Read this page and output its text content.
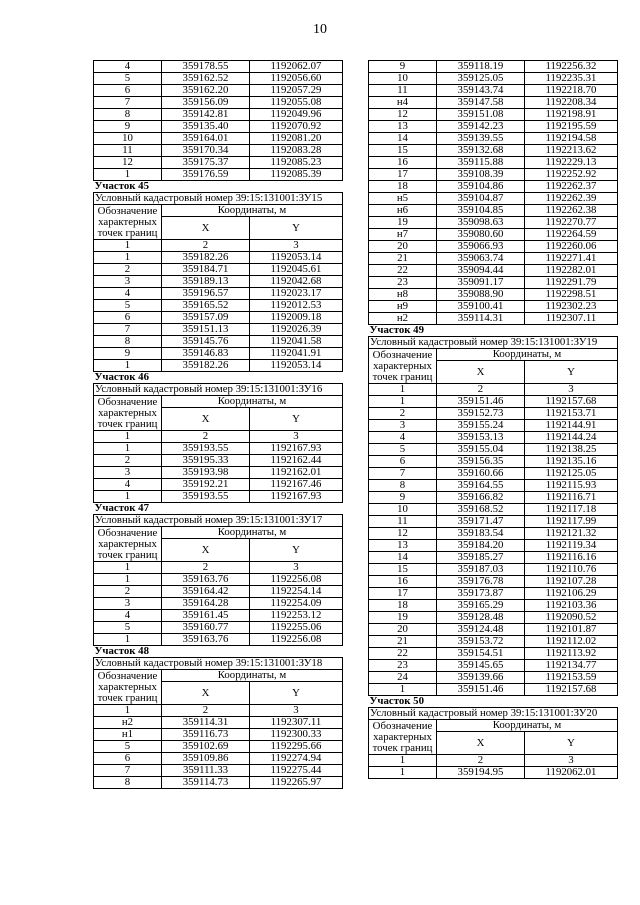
10
4	359178.55	1192062.07
5	359162.52	1192056.60
6	359162.20	1192057.29
7	359156.09	1192055.08
8	359142.81	1192049.96
9	359135.40	1192070.92
10	359164.01	1192081.20
11	359170.34	1192083.28
12	359175.37	1192085.23
1	359176.59	1192085.39
Участок 45		
Условный кадастровый номер 39:15:131001:ЗУ15		
Обозначение характерных точек границ	Координаты, м	
	X	Y
1	2	3
1	359182.26	1192053.14
2	359184.71	1192045.61
3	359189.13	1192042.68
4	359196.57	1192023.17
5	359165.52	1192012.53
6	359157.09	1192009.18
7	359151.13	1192026.39
8	359145.76	1192041.58
9	359146.83	1192041.91
1	359182.26	1192053.14
Участок 46		
Условный кадастровый номер 39:15:131001:ЗУ16		
Обозначение характерных точек границ	Координаты, м	
	X	Y
1	2	3
1	359193.55	1192167.93
2	359195.33	1192162.44
3	359193.98	1192162.01
4	359192.21	1192167.46
1	359193.55	1192167.93
Участок 47		
Условный кадастровый номер 39:15:131001:ЗУ17		
Обозначение характерных точек границ	Координаты, м	
	X	Y
1	2	3
1	359163.76	1192256.08
2	359164.42	1192254.14
3	359164.28	1192254.09
4	359161.45	1192253.12
5	359160.77	1192255.06
1	359163.76	1192256.08
Участок 48		
Условный кадастровый номер 39:15:131001:ЗУ18		
Обозначение характерных точек границ	Координаты, м	
	X	Y
1	2	3
н2	359114.31	1192307.11
н1	359116.73	1192300.33
5	359102.69	1192295.66
6	359109.86	1192274.94
7	359111.33	1192275.44
8	359114.73	1192265.97
9	359118.19	1192256.32
10	359125.05	1192235.31
11	359143.74	1192218.70
н4	359147.58	1192208.34
12	359151.08	1192198.91
13	359142.23	1192195.59
14	359139.55	1192194.58
15	359132.68	1192213.62
16	359115.88	1192229.13
17	359108.39	1192252.92
18	359104.86	1192262.37
н5	359104.87	1192262.39
н6	359104.85	1192262.38
19	359098.63	1192270.77
н7	359080.60	1192264.59
20	359066.93	1192260.06
21	359063.74	1192271.41
22	359094.44	1192282.01
23	359091.17	1192291.79
н8	359088.90	1192298.51
н9	359100.41	1192302.23
н2	359114.31	1192307.11
Участок 49		
Условный кадастровый номер 39:15:131001:ЗУ19		
Обозначение характерных точек границ	Координаты, м	
	X	Y
1	2	3
1	359151.46	1192157.68
2	359152.73	1192153.71
3	359155.24	1192144.91
4	359153.13	1192144.24
5	359155.04	1192138.25
6	359156.35	1192135.16
7	359160.66	1192125.05
8	359164.55	1192115.93
9	359166.82	1192116.71
10	359168.52	1192117.18
11	359171.47	1192117.99
12	359183.54	1192121.32
13	359184.20	1192119.34
14	359185.27	1192116.16
15	359187.03	1192110.76
16	359176.78	1192107.28
17	359173.87	1192106.29
18	359165.29	1192103.36
19	359128.48	1192090.52
20	359124.48	1192101.87
21	359153.72	1192112.02
22	359154.51	1192113.92
23	359145.65	1192134.77
24	359139.66	1192153.59
1	359151.46	1192157.68
Участок 50		
Условный кадастровый номер 39:15:131001:ЗУ20		
Обозначение характерных точек границ	Координаты, м	
	X	Y
1	2	3
1	359194.95	1192062.01
